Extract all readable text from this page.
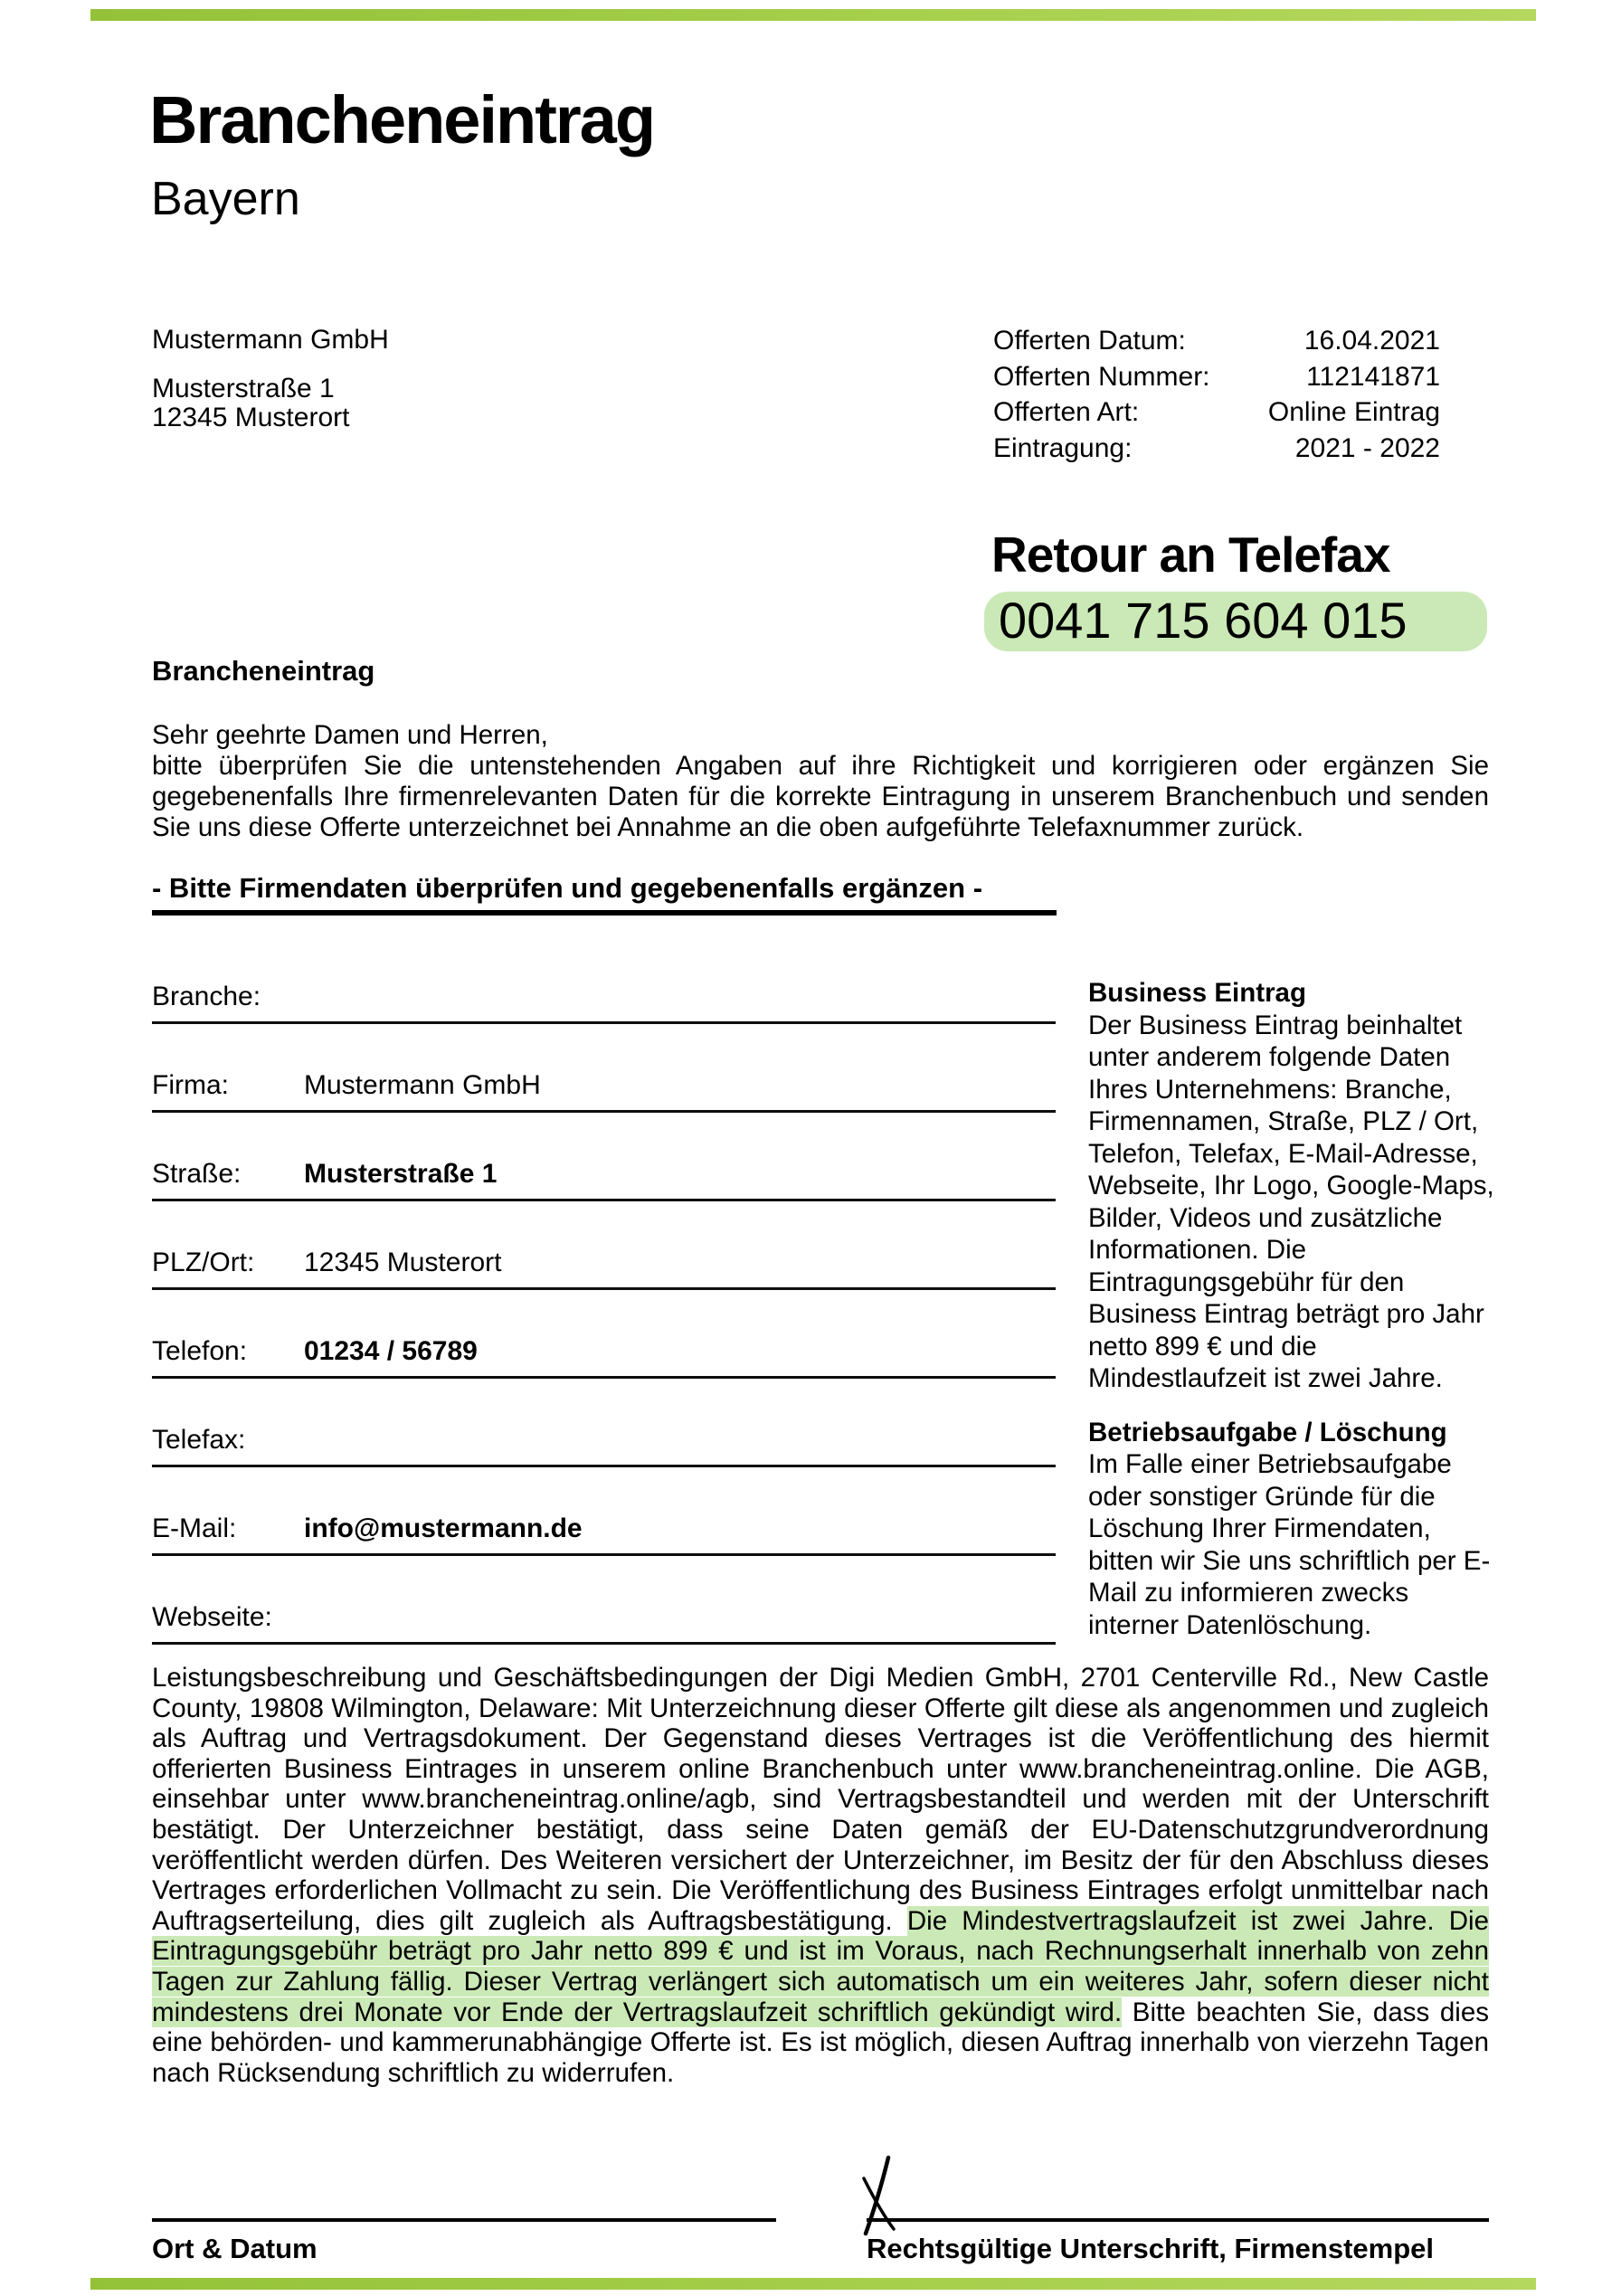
Brancheneintrag
Bayern
Mustermann GmbH
Musterstraße 1
12345 Musterort
Offerten Datum:	16.04.2021
Offerten Nummer:	112141871
Offerten Art:	Online Eintrag
Eintragung:	2021 - 2022
Retour an Telefax
0041 715 604 015
Brancheneintrag
Sehr geehrte Damen und Herren,
bitte überprüfen Sie die untenstehenden Angaben auf ihre Richtigkeit und korrigieren oder ergänzen Sie gegebenenfalls Ihre firmenrelevanten Daten für die korrekte Eintragung in unserem Branchenbuch und senden Sie uns diese Offerte unterzeichnet bei Annahme an die oben aufgeführte Telefaxnummer zurück.
- Bitte Firmendaten überprüfen und gegebenenfalls ergänzen -
Branche:
Firma:	Mustermann GmbH
Straße: Musterstraße 1
PLZ/Ort: 12345 Musterort
Telefon: 01234 / 56789
Telefax:
E-Mail: info@mustermann.de
Webseite:
Business Eintrag
Der Business Eintrag beinhaltet unter anderem folgende Daten Ihres Unternehmens: Branche, Firmennamen, Straße, PLZ / Ort, Telefon, Telefax, E-Mail-Adresse, Webseite, Ihr Logo, Google-Maps, Bilder, Videos und zusätzliche Informationen. Die Eintragungsgebühr für den Business Eintrag beträgt pro Jahr netto 899 € und die Mindestlaufzeit ist zwei Jahre.
Betriebsaufgabe / Löschung
Im Falle einer Betriebsaufgabe oder sonstiger Gründe für die Löschung Ihrer Firmendaten, bitten wir Sie uns schriftlich per E-Mail zu informieren zwecks interner Datenlöschung.
Leistungsbeschreibung und Geschäftsbedingungen der Digi Medien GmbH, 2701 Centerville Rd., New Castle County, 19808 Wilmington, Delaware: Mit Unterzeichnung dieser Offerte gilt diese als angenommen und zugleich als Auftrag und Vertragsdokument. Der Gegenstand dieses Vertrages ist die Veröffentlichung des hiermit offerierten Business Eintrages in unserem online Branchenbuch unter www.brancheneintrag.online. Die AGB, einsehbar unter www.brancheneintrag.online/agb, sind Vertragsbestandteil und werden mit der Unterschrift bestätigt. Der Unterzeichner bestätigt, dass seine Daten gemäß der EU-Datenschutzgrundverordnung veröffentlicht werden dürfen. Des Weiteren versichert der Unterzeichner, im Besitz der für den Abschluss dieses Vertrages erforderlichen Vollmacht zu sein. Die Veröffentlichung des Business Eintrages erfolgt unmittelbar nach Auftragserteilung, dies gilt zugleich als Auftragsbestätigung. Die Mindestvertragslaufzeit ist zwei Jahre. Die Eintragungsgebühr beträgt pro Jahr netto 899 € und ist im Voraus, nach Rechnungserhalt innerhalb von zehn Tagen zur Zahlung fällig. Dieser Vertrag verlängert sich automatisch um ein weiteres Jahr, sofern dieser nicht mindestens drei Monate vor Ende der Vertragslaufzeit schriftlich gekündigt wird. Bitte beachten Sie, dass dies eine behörden- und kammerunabhängige Offerte ist. Es ist möglich, diesen Auftrag innerhalb von vierzehn Tagen nach Rücksendung schriftlich zu widerrufen.
Ort & Datum	Rechtsgültige Unterschrift, Firmenstempel
